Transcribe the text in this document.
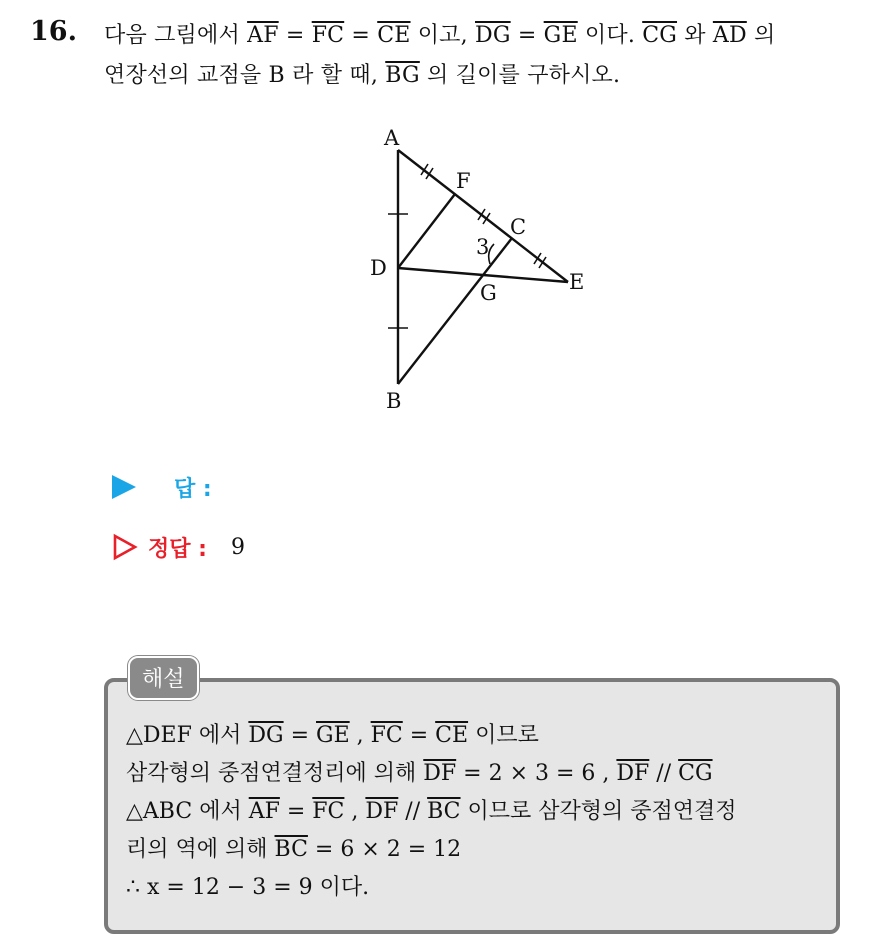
16. 다음 그림에서 $\overline{AF} = \overline{FC} = \overline{CE}$ 이고, $\overline{DG} = \overline{GE}$ 이다. $\overline{CG}$ 와 $\overline{AD}$ 의
연장선의 교점을 B 라 할 때, $\overline{BG}$ 의 길이를 구하시오.
A
F
C
3
D
E
G
B
답 :
정답 : 9
해설
△DEF 에서 $\overline{DG} = \overline{GE}$ , $\overline{FC} = \overline{CE}$ 이므로
삼각형의 중점연결정리에 의해 $\overline{DF} = 2 \times 3 = 6$ , $\overline{DF} // \overline{CG}$
△ABC 에서 $\overline{AF} = \overline{FC}$ , $\overline{DF} // \overline{BC}$ 이므로 삼각형의 중점연결정
리의 역에 의해 $\overline{BC} = 6 \times 2 = 12$
∴ x = 12 − 3 = 9 이다.
